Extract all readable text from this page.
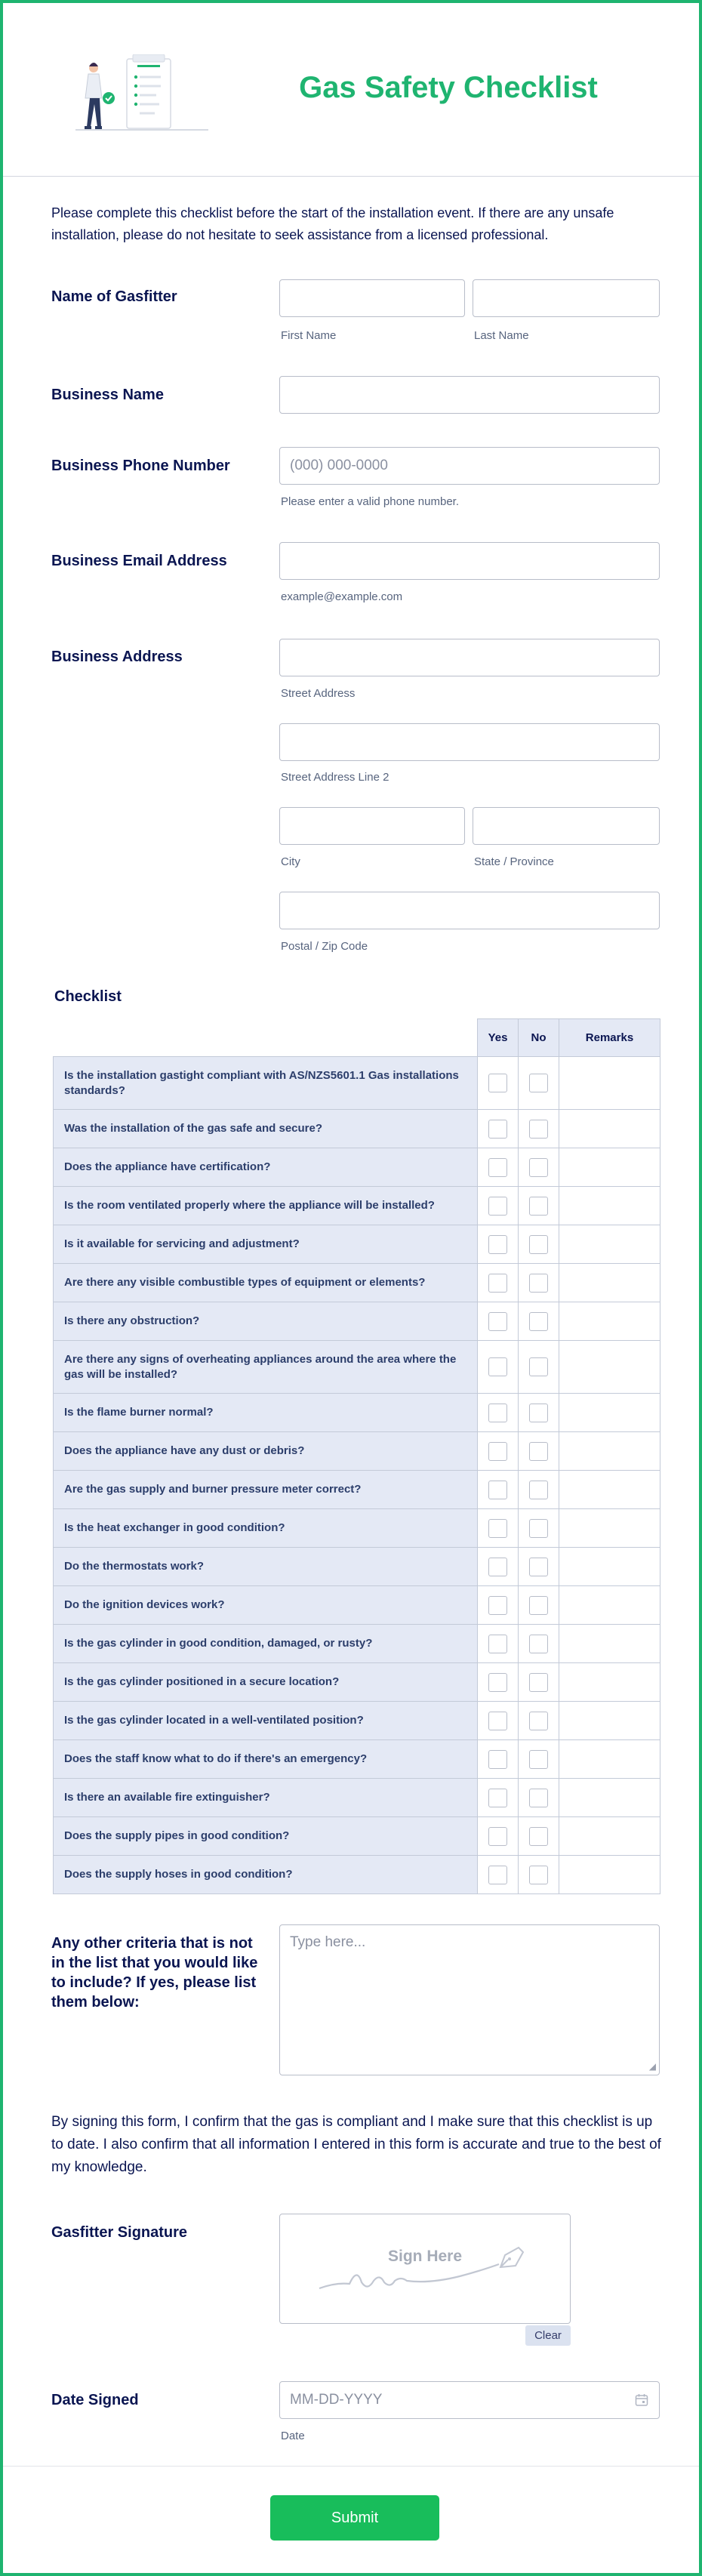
Gas Safety Checklist
Please complete this checklist before the start of the installation event. If there are any unsafe installation, please do not hesitate to seek assistance from a licensed professional.
Name of Gasfitter
First Name	Last Name
Business Name
Business Phone Number	(000) 000-0000
Please enter a valid phone number.
Business Email Address
example@example.com
Business Address
Street Address
Street Address Line 2
City	State / Province
Postal / Zip Code
Checklist
	Yes	No	Remarks
Is the installation gastight compliant with AS/NZS5601.1 Gas installations standards?			
Was the installation of the gas safe and secure?			
Does the appliance have certification?			
Is the room ventilated properly where the appliance will be installed?			
Is it available for servicing and adjustment?			
Are there any visible combustible types of equipment or elements?			
Is there any obstruction?			
Are there any signs of overheating appliances around the area where the gas will be installed?			
Is the flame burner normal?			
Does the appliance have any dust or debris?			
Are the gas supply and burner pressure meter correct?			
Is the heat exchanger in good condition?			
Do the thermostats work?			
Do the ignition devices work?			
Is the gas cylinder in good condition, damaged, or rusty?			
Is the gas cylinder positioned in a secure location?			
Is the gas cylinder located in a well-ventilated position?			
Does the staff know what to do if there's an emergency?			
Is there an available fire extinguisher?			
Does the supply pipes in good condition?			
Does the supply hoses in good condition?			
Any other criteria that is not in the list that you would like to include? If yes, please list them below:
Type here...
◢
By signing this form, I confirm that the gas is compliant and I make sure that this checklist is up to date. I also confirm that all information I entered in this form is accurate and true to the best of my knowledge.
Gasfitter Signature
Sign Here
Clear
Date Signed	MM-DD-YYYY
Date
Submit
